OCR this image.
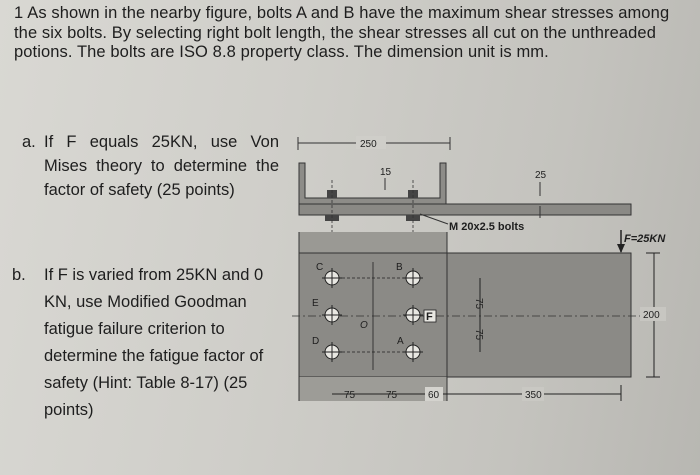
1 As shown in the nearby figure, bolts A and B have the maximum shear stresses among the six bolts. By selecting right bolt length, the shear stresses all cut on the unthreaded potions. The bolts are ISO 8.8 property class. The dimension unit is mm.
a. If F equals 25KN, use Von Mises theory to determine the factor of safety (25 points)
b. If F is varied from 25KN and 0 KN, use Modified Goodman fatigue failure criterion to determine the fatigue factor of safety (Hint: Table 8-17) (25 points)
250
15	25
M 20x2.5 bolts
C	B
E
F
D	A
O
75
75
F=25KN
200
75	75	60	350
